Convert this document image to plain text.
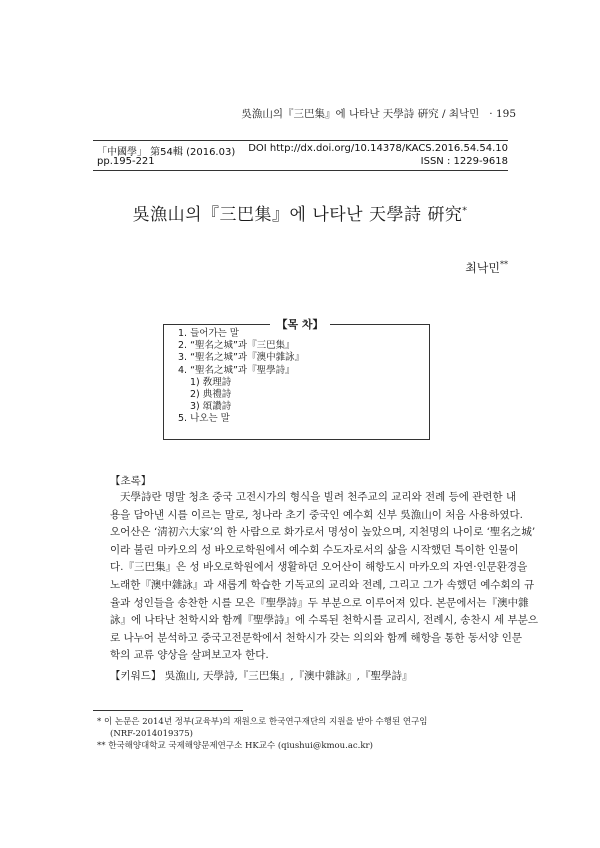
吳漁山의『三巴集』에 나타난 天學詩 硏究 / 최낙민 · 195
「中國學」 第54輯 (2016.03) DOI http://dx.doi.org/10.14378/KACS.2016.54.54.10
pp.195-221	ISSN : 1229-9618
吳漁山의『三巴集』에 나타난 天學詩 硏究*
최낙민**
【목 차】
1. 들어가는 말
2. “聖名之城”과『三巴集』
3. “聖名之城”과『澳中雜詠』
4. “聖名之城”과『聖學詩』
1) 敎理詩
2) 典禮詩
3) 頌讚詩
5. 나오는 말
【초록】
天學詩란 명말 청초 중국 고전시가의 형식을 빌려 천주교의 교리와 전례 등에 관련한 내
용을 담아낸 시를 이르는 말로, 청나라 초기 중국인 예수회 신부 吳漁山이 처음 사용하였다.
오어산은 ‘淸初六大家’의 한 사람으로 화가로서 명성이 높았으며, 지천명의 나이로 ‘聖名之城’
이라 불린 마카오의 성 바오로학원에서 예수회 수도자로서의 삶을 시작했던 특이한 인물이
다.『三巴集』은 성 바오로학원에서 생활하던 오어산이 해항도시 마카오의 자연·인문환경을
노래한『澳中雜詠』과 새롭게 학습한 기독교의 교리와 전례, 그리고 그가 속했던 예수회의 규
율과 성인들을 송찬한 시를 모은『聖學詩』두 부분으로 이루어져 있다. 본문에서는『澳中雜
詠』에 나타난 천학시와 함께『聖學詩』에 수록된 천학시를 교리시, 전례시, 송찬시 세 부분으
로 나누어 분석하고 중국고전문학에서 천학시가 갖는 의의와 함께 해항을 통한 동서양 인문
학의 교류 양상을 살펴보고자 한다.
【키워드】 吳漁山, 天學詩,『三巴集』,『澳中雜詠』,『聖學詩』
* 이 논문은 2014년 정부(교육부)의 재원으로 한국연구재단의 지원을 받아 수행된 연구임
(NRF-2014019375)
** 한국해양대학교 국제해양문제연구소 HK교수 (qiushui@kmou.ac.kr)
